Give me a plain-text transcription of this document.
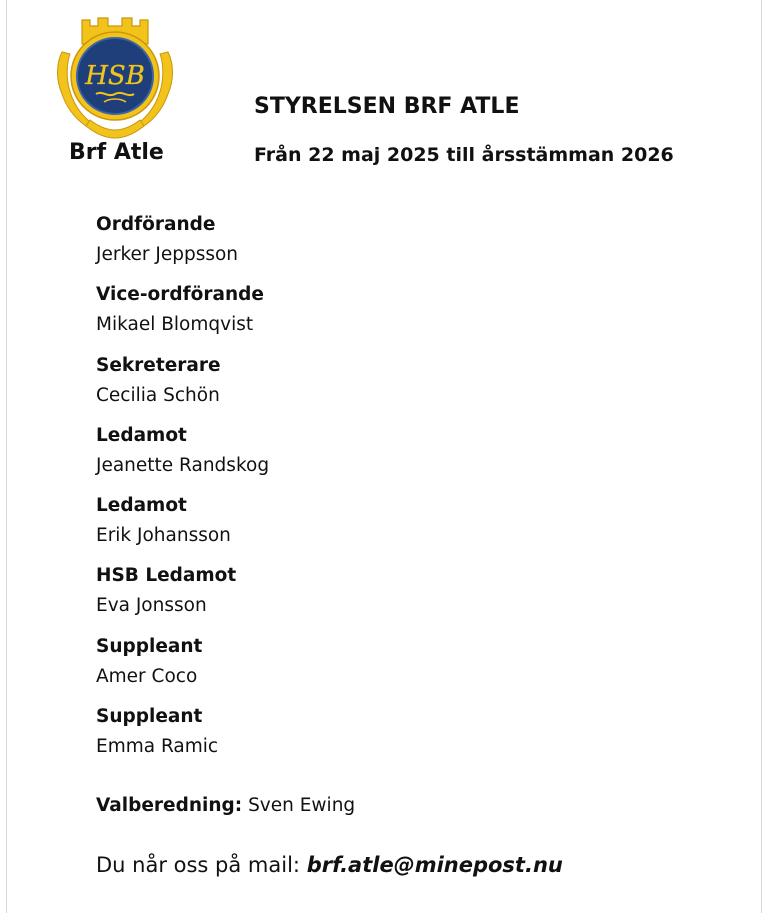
HSB
Brf Atle
STYRELSEN BRF ATLE
Från 22 maj 2025 till årsstämman 2026
Ordförande
Jerker Jeppsson
Vice-ordförande
Mikael Blomqvist
Sekreterare
Cecilia Schön
Ledamot
Jeanette Randskog
Ledamot
Erik Johansson
HSB Ledamot
Eva Jonsson
Suppleant
Amer Coco
Suppleant
Emma Ramic
Valberedning: Sven Ewing
Du når oss på mail: brf.atle@minepost.nu
